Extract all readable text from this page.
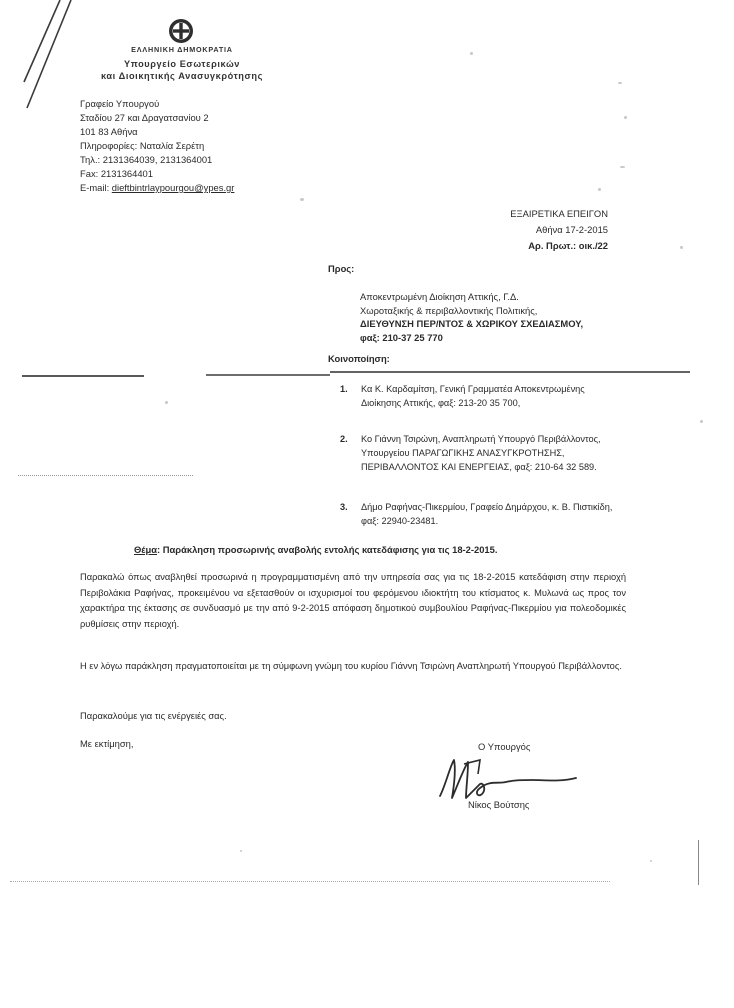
ΕΛΛΗΝΙΚΗ ΔΗΜΟΚΡΑΤΙΑ
Υπουργείο Εσωτερικών
και Διοικητικής Ανασυγκρότησης
Γραφείο Υπουργού
Σταδίου 27 και Δραγατσανίου 2
101 83 Αθήνα
Πληροφορίες: Ναταλία Σερέτη
Τηλ.: 2131364039, 2131364001
Fax: 2131364401
E-mail: dieftbintrlaypourgou@ypes.gr
ΕΞΑΙΡΕΤΙΚΑ ΕΠΕΙΓΟΝ
Αθήνα 17-2-2015
Αρ. Πρωτ.: οικ./22
Προς:
Αποκεντρωμένη Διοίκηση Αττικής, Γ.Δ.
Χωροταξικής & περιβαλλοντικής Πολιτικής,
ΔΙΕΥΘΥΝΣΗ ΠΕΡ/ΝΤΟΣ & ΧΩΡΙΚΟΥ ΣΧΕΔΙΑΣΜΟΥ,
φαξ: 210-37 25 770
Κοινοποίηση:
1. Κα Κ. Καρδαμίτση, Γενική Γραμματέα Αποκεντρωμένης Διοίκησης Αττικής, φαξ: 213-20 35 700,
2. Κο Γιάννη Τσιρώνη, Αναπληρωτή Υπουργό Περιβάλλοντος, Υπουργείου ΠΑΡΑΓΩΓΙΚΗΣ ΑΝΑΣΥΓΚΡΟΤΗΣΗΣ, ΠΕΡΙΒΑΛΛΟΝΤΟΣ ΚΑΙ ΕΝΕΡΓΕΙΑΣ, φαξ: 210-64 32 589.
3. Δήμο Ραφήνας-Πικερμίου, Γραφείο Δημάρχου, κ. Β. Πιστικίδη, φαξ: 22940-23481.
Θέμα: Παράκληση προσωρινής αναβολής εντολής κατεδάφισης για τις 18-2-2015.
Παρακαλώ όπως αναβληθεί προσωρινά η προγραμματισμένη από την υπηρεσία σας για τις 18-2-2015 κατεδάφιση στην περιοχή Περιβολάκια Ραφήνας, προκειμένου να εξετασθούν οι ισχυρισμοί του φερόμενου ιδιοκτήτη του κτίσματος κ. Μυλωνά ως προς τον χαρακτήρα της έκτασης σε συνδυασμό με την από 9-2-2015 απόφαση δημοτικού συμβουλίου Ραφήνας-Πικερμίου για πολεοδομικές ρυθμίσεις στην περιοχή.
Η εν λόγω παράκληση πραγματοποιείται με τη σύμφωνη γνώμη του κυρίου Γιάννη Τσιρώνη Αναπληρωτή Υπουργού Περιβάλλοντος.
Παρακαλούμε για τις ενέργειές σας.
Με εκτίμηση,	Ο Υπουργός
Νίκος Βούτσης
